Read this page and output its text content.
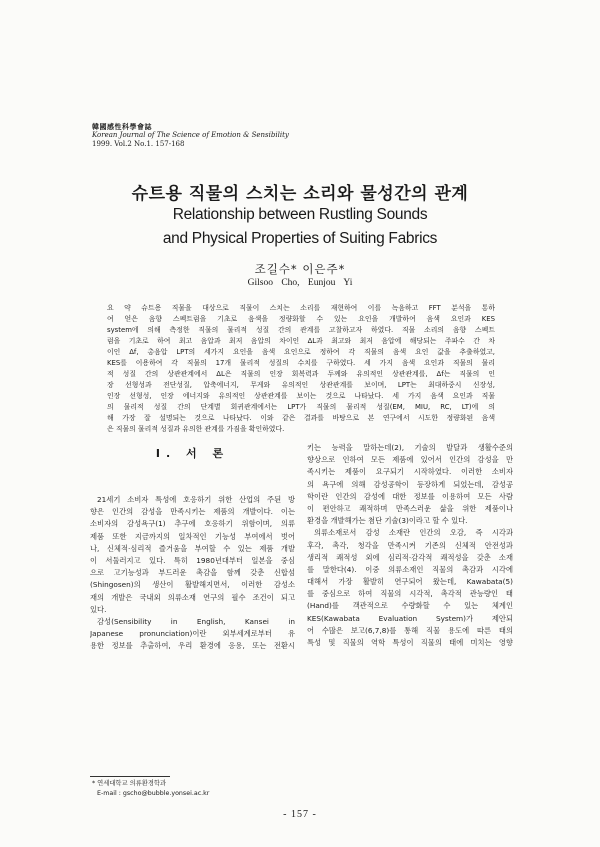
韓國感性科學會誌
Korean Journal of The Science of Emotion & Sensibility
1999. Vol.2 No.1. 157-168
슈트용 직물의 스치는 소리와 물성간의 관계
Relationship between Rustling Sounds
and Physical Properties of Suiting Fabrics
조길수* 이은주*
Gilsoo Cho, Eunjou Yi
요 약 슈트용 직물을 대상으로 직물이 스치는 소리를 재현하여 이를 녹음하고 FFT 분석을 통하
여 얻은 음향 스펙트럼을 기초로 음색을 정량화할 수 있는 요인을 개발하여 음색 요인과 KES
system에 의해 측정한 직물의 물리적 성질 간의 관계를 고찰하고자 하였다. 직물 소리의 음향 스펙트
럼을 기초로 하여 최고 음압과 최저 음압의 차이인 ΔL과 최고와 최저 음압에 해당되는 주파수 간 차
이인 Δf, 총음압 LPT의 세가지 요인을 음색 요인으로 정하여 각 직물의 음색 요인 값을 추출하였고,
KES를 이용하여 각 직물의 17개 물리적 성질의 수치를 구하였다. 세 가지 음색 요인과 직물의 물리
적 성질 간의 상관관계에서 ΔL은 직물의 인장 회복력과 두께와 유의적인 상관관계를, Δf는 직물의 인
장 선형성과 전단성질, 압축에너지, 무게와 유의적인 상관관계를 보이며, LPT는 최대하중시 신장성,
인장 선형성, 인장 에너지와 유의적인 상관관계를 보이는 것으로 나타났다. 세 가지 음색 요인과 직물
의 물리적 성질 간의 단계별 회귀관계에서는 LPT가 직물의 물리적 성질(EM, MIU, RC, LT)에 의
해 가장 잘 설명되는 것으로 나타났다. 이와 같은 결과를 바탕으로 본 연구에서 시도한 정량화된 음색
은 직물의 물리적 성질과 유의한 관계를 가짐을 확인하였다.
I. 서 론
21세기 소비자 특성에 호응하기 위한 산업의 주된 방
향은 인간의 감성을 만족시키는 제품의 개발이다. 이는
소비자의 감성욕구(1) 추구에 호응하기 위함이며, 의류
제품 또한 지금까지의 일차적인 기능성 부여에서 벗어
나, 신체적·심리적 즐거움을 부여할 수 있는 제품 개발
이 서둘러지고 있다. 특히 1980년대부터 일본을 중심
으로 고기능성과 부드러운 촉감을 함께 갖춘 신합섬
(Shingosen)의 생산이 활발해지면서, 이러한 감성소
재의 개발은 국내외 의류소재 연구의 필수 조건이 되고
있다.
감성(Sensibility in English, Kansei in
Japanese pronunciation)이란 외부세계로부터 유
용한 정보를 추출하여, 우리 환경에 응용, 또는 전환시
키는 능력을 말하는데(2), 기술의 발달과 생활수준의
향상으로 인하여 모든 제품에 있어서 인간의 감성을 만
족시키는 제품이 요구되기 시작하였다. 이러한 소비자
의 욕구에 의해 감성공학이 등장하게 되었는데, 감성공
학이란 인간의 감성에 대한 정보를 이용하여 모든 사람
이 편안하고 쾌적하며 만족스러운 삶을 위한 제품이나
환경을 개발해가는 첨단 기술(3)이라고 할 수 있다.
의류소재로서 감성 소재란 인간의 오감, 즉 시각과
후각, 촉각, 청각을 만족시켜 기존의 신체적 안전성과
생리적 쾌적성 외에 심리적·감각적 쾌적성을 갖춘 소재
를 말한다(4). 이중 의류소재인 직물의 촉감과 시각에
대해서 가장 활발히 연구되어 왔는데, Kawabata(5)
를 중심으로 하여 직물의 시각적, 촉각적 관능량인 태
(Hand)를 객관적으로 수량화할 수 있는 체계인
KES(Kawabata Evaluation System)가 제안되
어 수많은 보고(6,7,8)를 통해 직물 용도에 따른 태의
특성 및 직물의 역학 특성이 직물의 태에 미치는 영향
* 연세대학교 의류환경학과
E-mail : gscho@bubble.yonsei.ac.kr
- 157 -
